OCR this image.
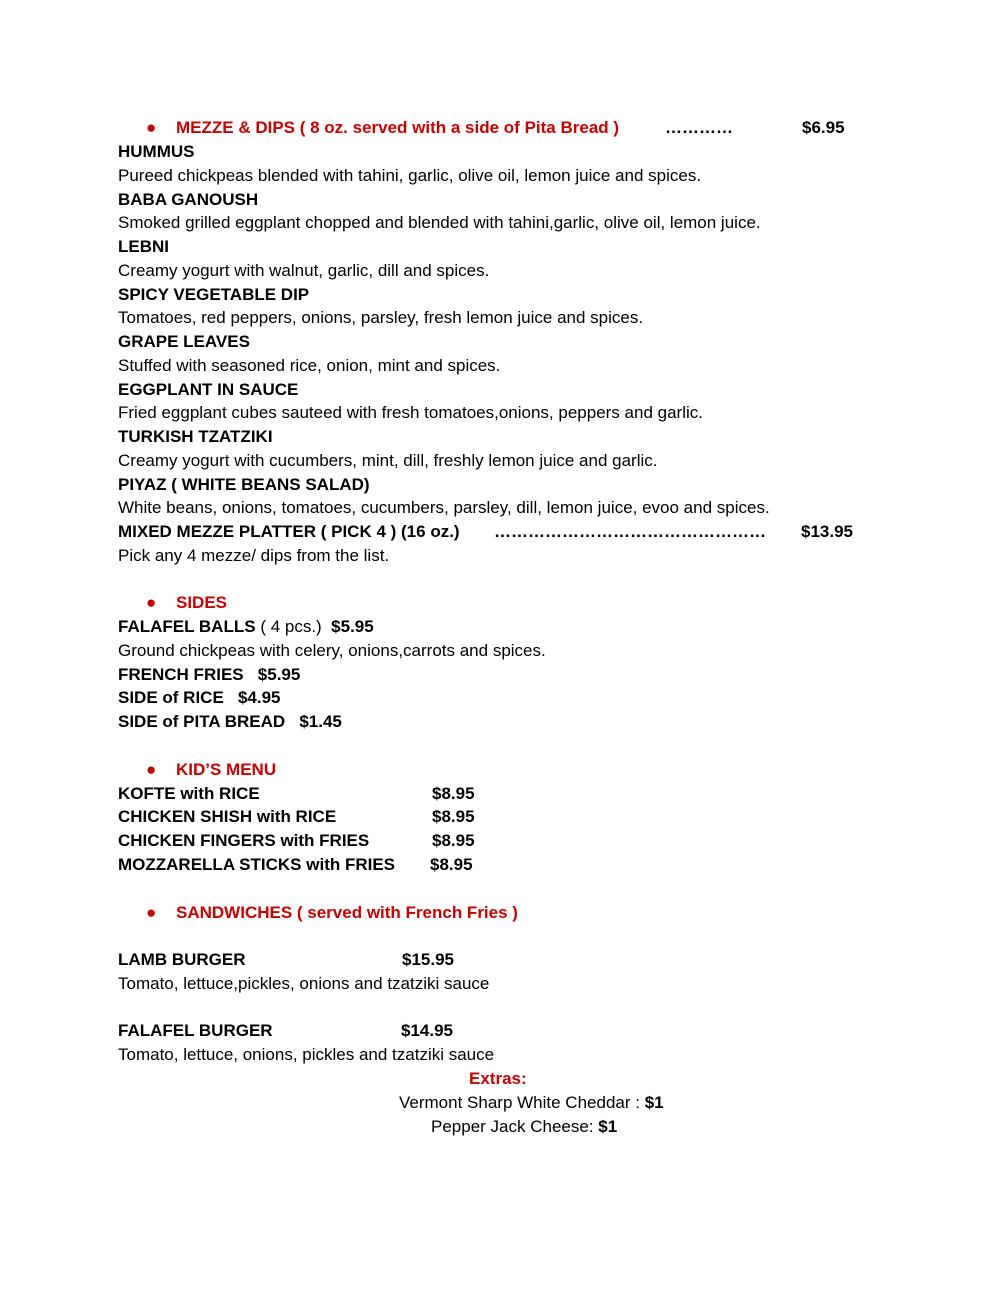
● MEZZE & DIPS ( 8 oz. served with a side of Pita Bread )	…………	$6.95
HUMMUS
Pureed chickpeas blended with tahini, garlic, olive oil, lemon juice and spices.
BABA GANOUSH
Smoked grilled eggplant chopped and blended with tahini,garlic, olive oil, lemon juice.
LEBNI
Creamy yogurt with walnut, garlic, dill and spices.
SPICY VEGETABLE DIP
Tomatoes, red peppers, onions, parsley, fresh lemon juice and spices.
GRAPE LEAVES
Stuffed with seasoned rice, onion, mint and spices.
EGGPLANT IN SAUCE
Fried eggplant cubes sauteed with fresh tomatoes,onions, peppers and garlic.
TURKISH TZATZIKI
Creamy yogurt with cucumbers, mint, dill, freshly lemon juice and garlic.
PIYAZ ( WHITE BEANS SALAD)
White beans, onions, tomatoes, cucumbers, parsley, dill, lemon juice, evoo and spices.
MIXED MEZZE PLATTER ( PICK 4 ) (16 oz.) ………………………………………… $13.95
Pick any 4 mezze/ dips from the list.
● SIDES
FALAFEL BALLS ( 4 pcs.) $5.95
Ground chickpeas with celery, onions,carrots and spices.
FRENCH FRIES   $5.95
SIDE of RICE   $4.95
SIDE of PITA BREAD   $1.45
● KID’S MENU
KOFTE with RICE	$8.95
CHICKEN SHISH with RICE	$8.95
CHICKEN FINGERS with FRIES	$8.95
MOZZARELLA STICKS with FRIES $8.95
● SANDWICHES ( served with French Fries )
LAMB BURGER	$15.95
Tomato, lettuce,pickles, onions and tzatziki sauce
FALAFEL BURGER	$14.95
Tomato, lettuce, onions, pickles and tzatziki sauce
Extras:
Vermont Sharp White Cheddar : $1
Pepper Jack Cheese: $1
